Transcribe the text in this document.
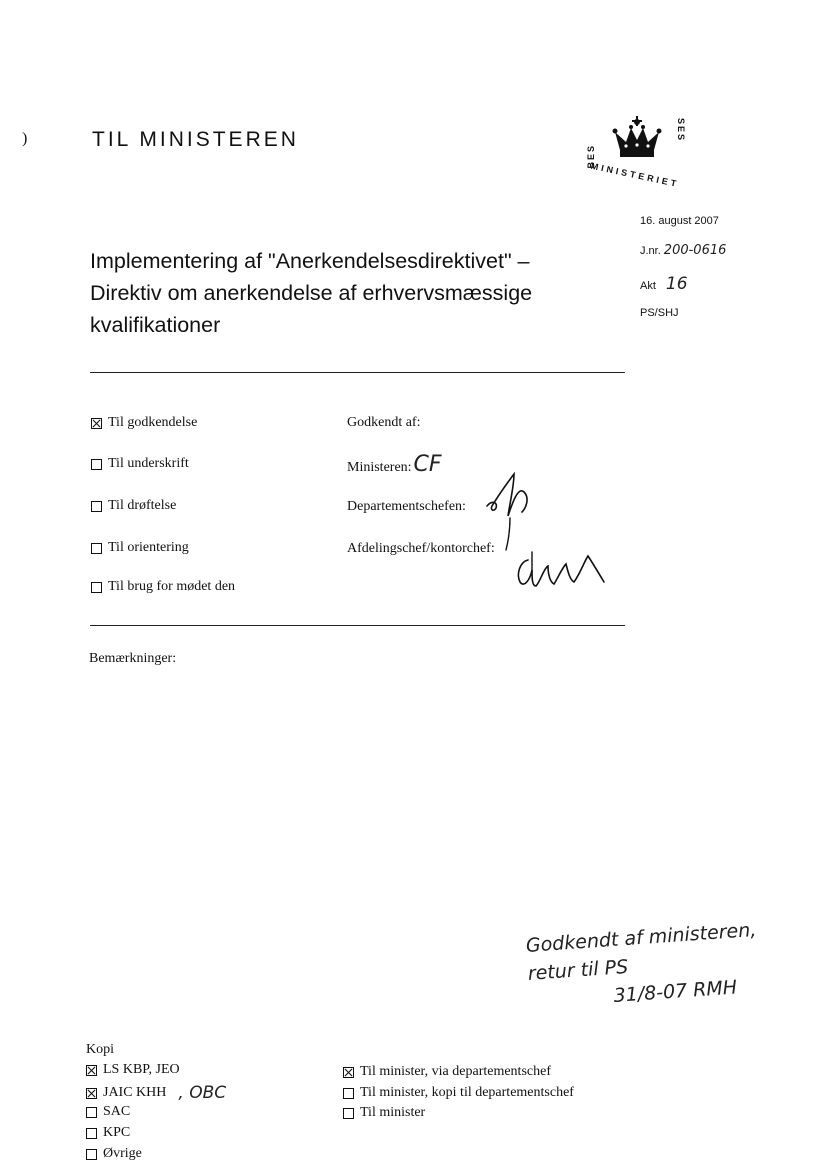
)	TIL MINISTEREN
BES
SES
MINISTERIET
16. august 2007
J.nr. 200-0616
Akt 16
PS/SHJ
Implementering af "Anerkendelsesdirektivet" –
Direktiv om anerkendelse af erhvervsmæssige
kvalifikationer
Til godkendelse
Til underskrift
Til drøftelse
Til orientering
Til brug for mødet den
Godkendt af:
Ministeren: CF
Departementschefen:
Afdelingschef/kontorchef:
Bemærkninger:
Godkendt af ministeren,
retur til PS
31/8-07 RMH
Kopi
LS KBP, JEO
JAIC KHH , OBC
SAC
KPC
Øvrige
Til minister, via departementschef
Til minister, kopi til departementschef
Til minister
